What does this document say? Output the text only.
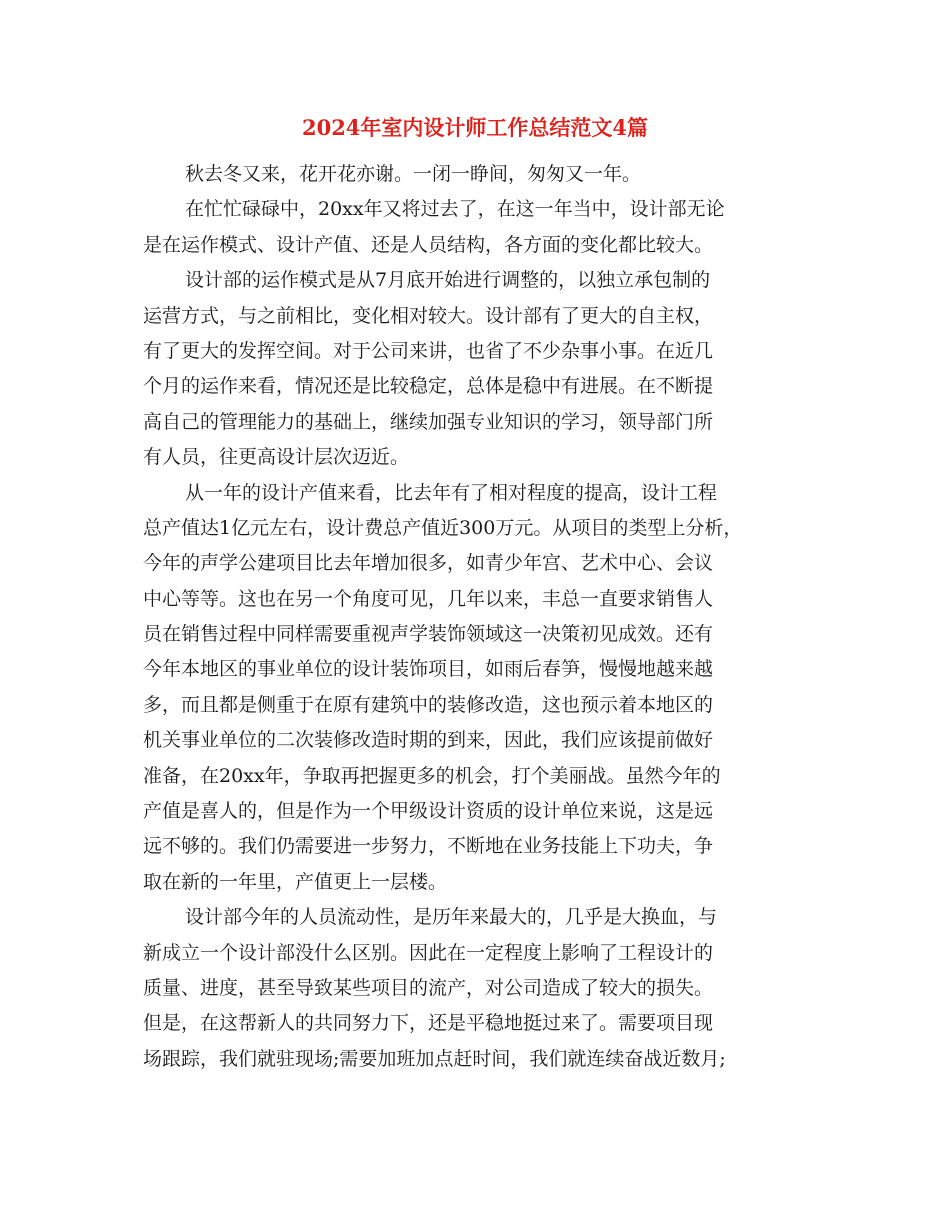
2024年室内设计师工作总结范文4篇
秋去冬又来，花开花亦谢。一闭一睁间，匆匆又一年。
在忙忙碌碌中，20xx年又将过去了，在这一年当中，设计部无论
是在运作模式、设计产值、还是人员结构，各方面的变化都比较大。
设计部的运作模式是从7月底开始进行调整的，以独立承包制的
运营方式，与之前相比，变化相对较大。设计部有了更大的自主权，
有了更大的发挥空间。对于公司来讲，也省了不少杂事小事。在近几
个月的运作来看，情况还是比较稳定，总体是稳中有进展。在不断提
高自己的管理能力的基础上，继续加强专业知识的学习，领导部门所
有人员，往更高设计层次迈近。
从一年的设计产值来看，比去年有了相对程度的提高，设计工程
总产值达1亿元左右，设计费总产值近300万元。从项目的类型上分析，
今年的声学公建项目比去年增加很多，如青少年宫、艺术中心、会议
中心等等。这也在另一个角度可见，几年以来，丰总一直要求销售人
员在销售过程中同样需要重视声学装饰领域这一决策初见成效。还有
今年本地区的事业单位的设计装饰项目，如雨后春笋，慢慢地越来越
多，而且都是侧重于在原有建筑中的装修改造，这也预示着本地区的
机关事业单位的二次装修改造时期的到来，因此，我们应该提前做好
准备，在20xx年，争取再把握更多的机会，打个美丽战。虽然今年的
产值是喜人的，但是作为一个甲级设计资质的设计单位来说，这是远
远不够的。我们仍需要进一步努力，不断地在业务技能上下功夫，争
取在新的一年里，产值更上一层楼。
设计部今年的人员流动性，是历年来最大的，几乎是大换血，与
新成立一个设计部没什么区别。因此在一定程度上影响了工程设计的
质量、进度，甚至导致某些项目的流产，对公司造成了较大的损失。
但是，在这帮新人的共同努力下，还是平稳地挺过来了。需要项目现
场跟踪，我们就驻现场;需要加班加点赶时间，我们就连续奋战近数月;
